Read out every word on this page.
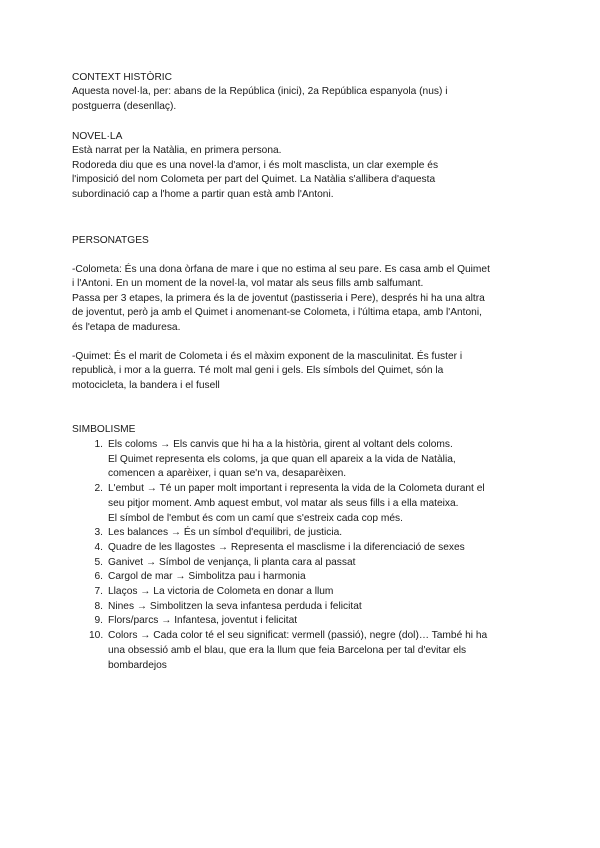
CONTEXT HISTÒRIC

Aquesta novel·la, per: abans de la República (inici), 2a República espanyola (nus) i

postguerra (desenllaç).

NOVEL·LA

Està narrat per la Natàlia, en primera persona.

Rodoreda diu que es una novel·la d'amor, i és molt masclista, un clar exemple és

l'imposició del nom Colometa per part del Quimet. La Natàlia s'allibera d'aquesta

subordinació cap a l'home a partir quan està amb l'Antoni.

PERSONATGES

-Colometa: És una dona òrfana de mare i que no estima al seu pare. Es casa amb el Quimet

i l'Antoni. En un moment de la novel·la, vol matar als seus fills amb salfumant.

Passa per 3 etapes, la primera és la de joventut (pastisseria i Pere), després hi ha una altra

de joventut, però ja amb el Quimet i anomenant-se Colometa, i l'última etapa, amb l'Antoni,

és l'etapa de maduresa.

-Quimet: És el marit de Colometa i és el màxim exponent de la masculinitat. És fuster i

republicà, i mor a la guerra. Té molt mal geni i gels. Els símbols del Quimet, són la

motocicleta, la bandera i el fusell

SIMBOLISME

1 . Els coloms → Els canvis que hi ha a la història, girent al voltant dels coloms.
El Quimet representa els coloms, ja que quan ell apareix a la vida de Natàlia,
comencen a aparèixer, i quan se'n va, desaparèixen.
2 . L'embut → Té un paper molt important i representa la vida de la Colometa durant el
seu pitjor moment. Amb aquest embut, vol matar als seus fills i a ella mateixa.
El símbol de l'embut és com un camí que s'estreix cada cop més.
3 . Les balances → És un símbol d'equilibri, de justicia.
4 . Quadre de les llagostes → Representa el masclisme i la diferenciació de sexes
5 . Ganivet → Símbol de venjança, li planta cara al passat
6 . Cargol de mar → Simbolitza pau i harmonia
7 . Llaços → La victoria de Colometa en donar a llum
8 . Nines → Simbolitzen la seva infantesa perduda i felicitat
9 . Flors/parcs → Infantesa, joventut i felicitat
10 . Colors → Cada color té el seu significat: vermell (passió), negre (dol)… També hi ha
una obsessió amb el blau, que era la llum que feia Barcelona per tal d'evitar els
bombardejos
